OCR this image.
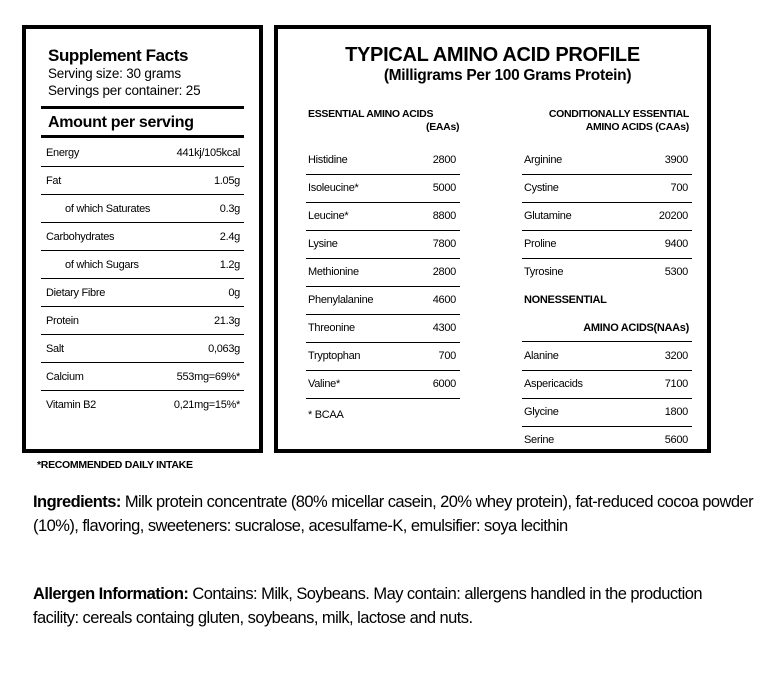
Supplement Facts
Serving size: 30 grams
Servings per container: 25
Amount per serving
Energy	441kj/105kcal
Fat	1.05g
of which Saturates	0.3g
Carbohydrates	2.4g
of which Sugars	1.2g
Dietary Fibre	0g
Protein	21.3g
Salt	0,063g
Calcium	553mg=69%*
Vitamin B2	0,21mg=15%*
*RECOMMENDED DAILY INTAKE
TYPICAL AMINO ACID PROFILE
(Milligrams Per 100 Grams Protein)
ESSENTIAL AMINO ACIDS
(EAAs)
CONDITIONALLY ESSENTIAL
AMINO ACIDS (CAAs)
Histidine	2800
Isoleucine*	5000
Leucine*	8800
Lysine	7800
Methionine	2800
Phenylalanine	4600
Threonine	4300
Tryptophan	700
Valine*	6000
* BCAA
Arginine	3900
Cystine	700
Glutamine	20200
Proline	9400
Tyrosine	5300
NONESSENTIAL
AMINO ACIDS(NAAs)
Alanine	3200
Aspericacids	7100
Glycine	1800
Serine	5600
Ingredients: Milk protein concentrate (80% micellar casein, 20% whey protein), fat-reduced cocoa powder (10%), flavoring, sweeteners: sucralose, acesulfame-K, emulsifier: soya lecithin
Allergen Information: Contains: Milk, Soybeans. May contain: allergens handled in the production facility: cereals containg gluten, soybeans, milk, lactose and nuts.
